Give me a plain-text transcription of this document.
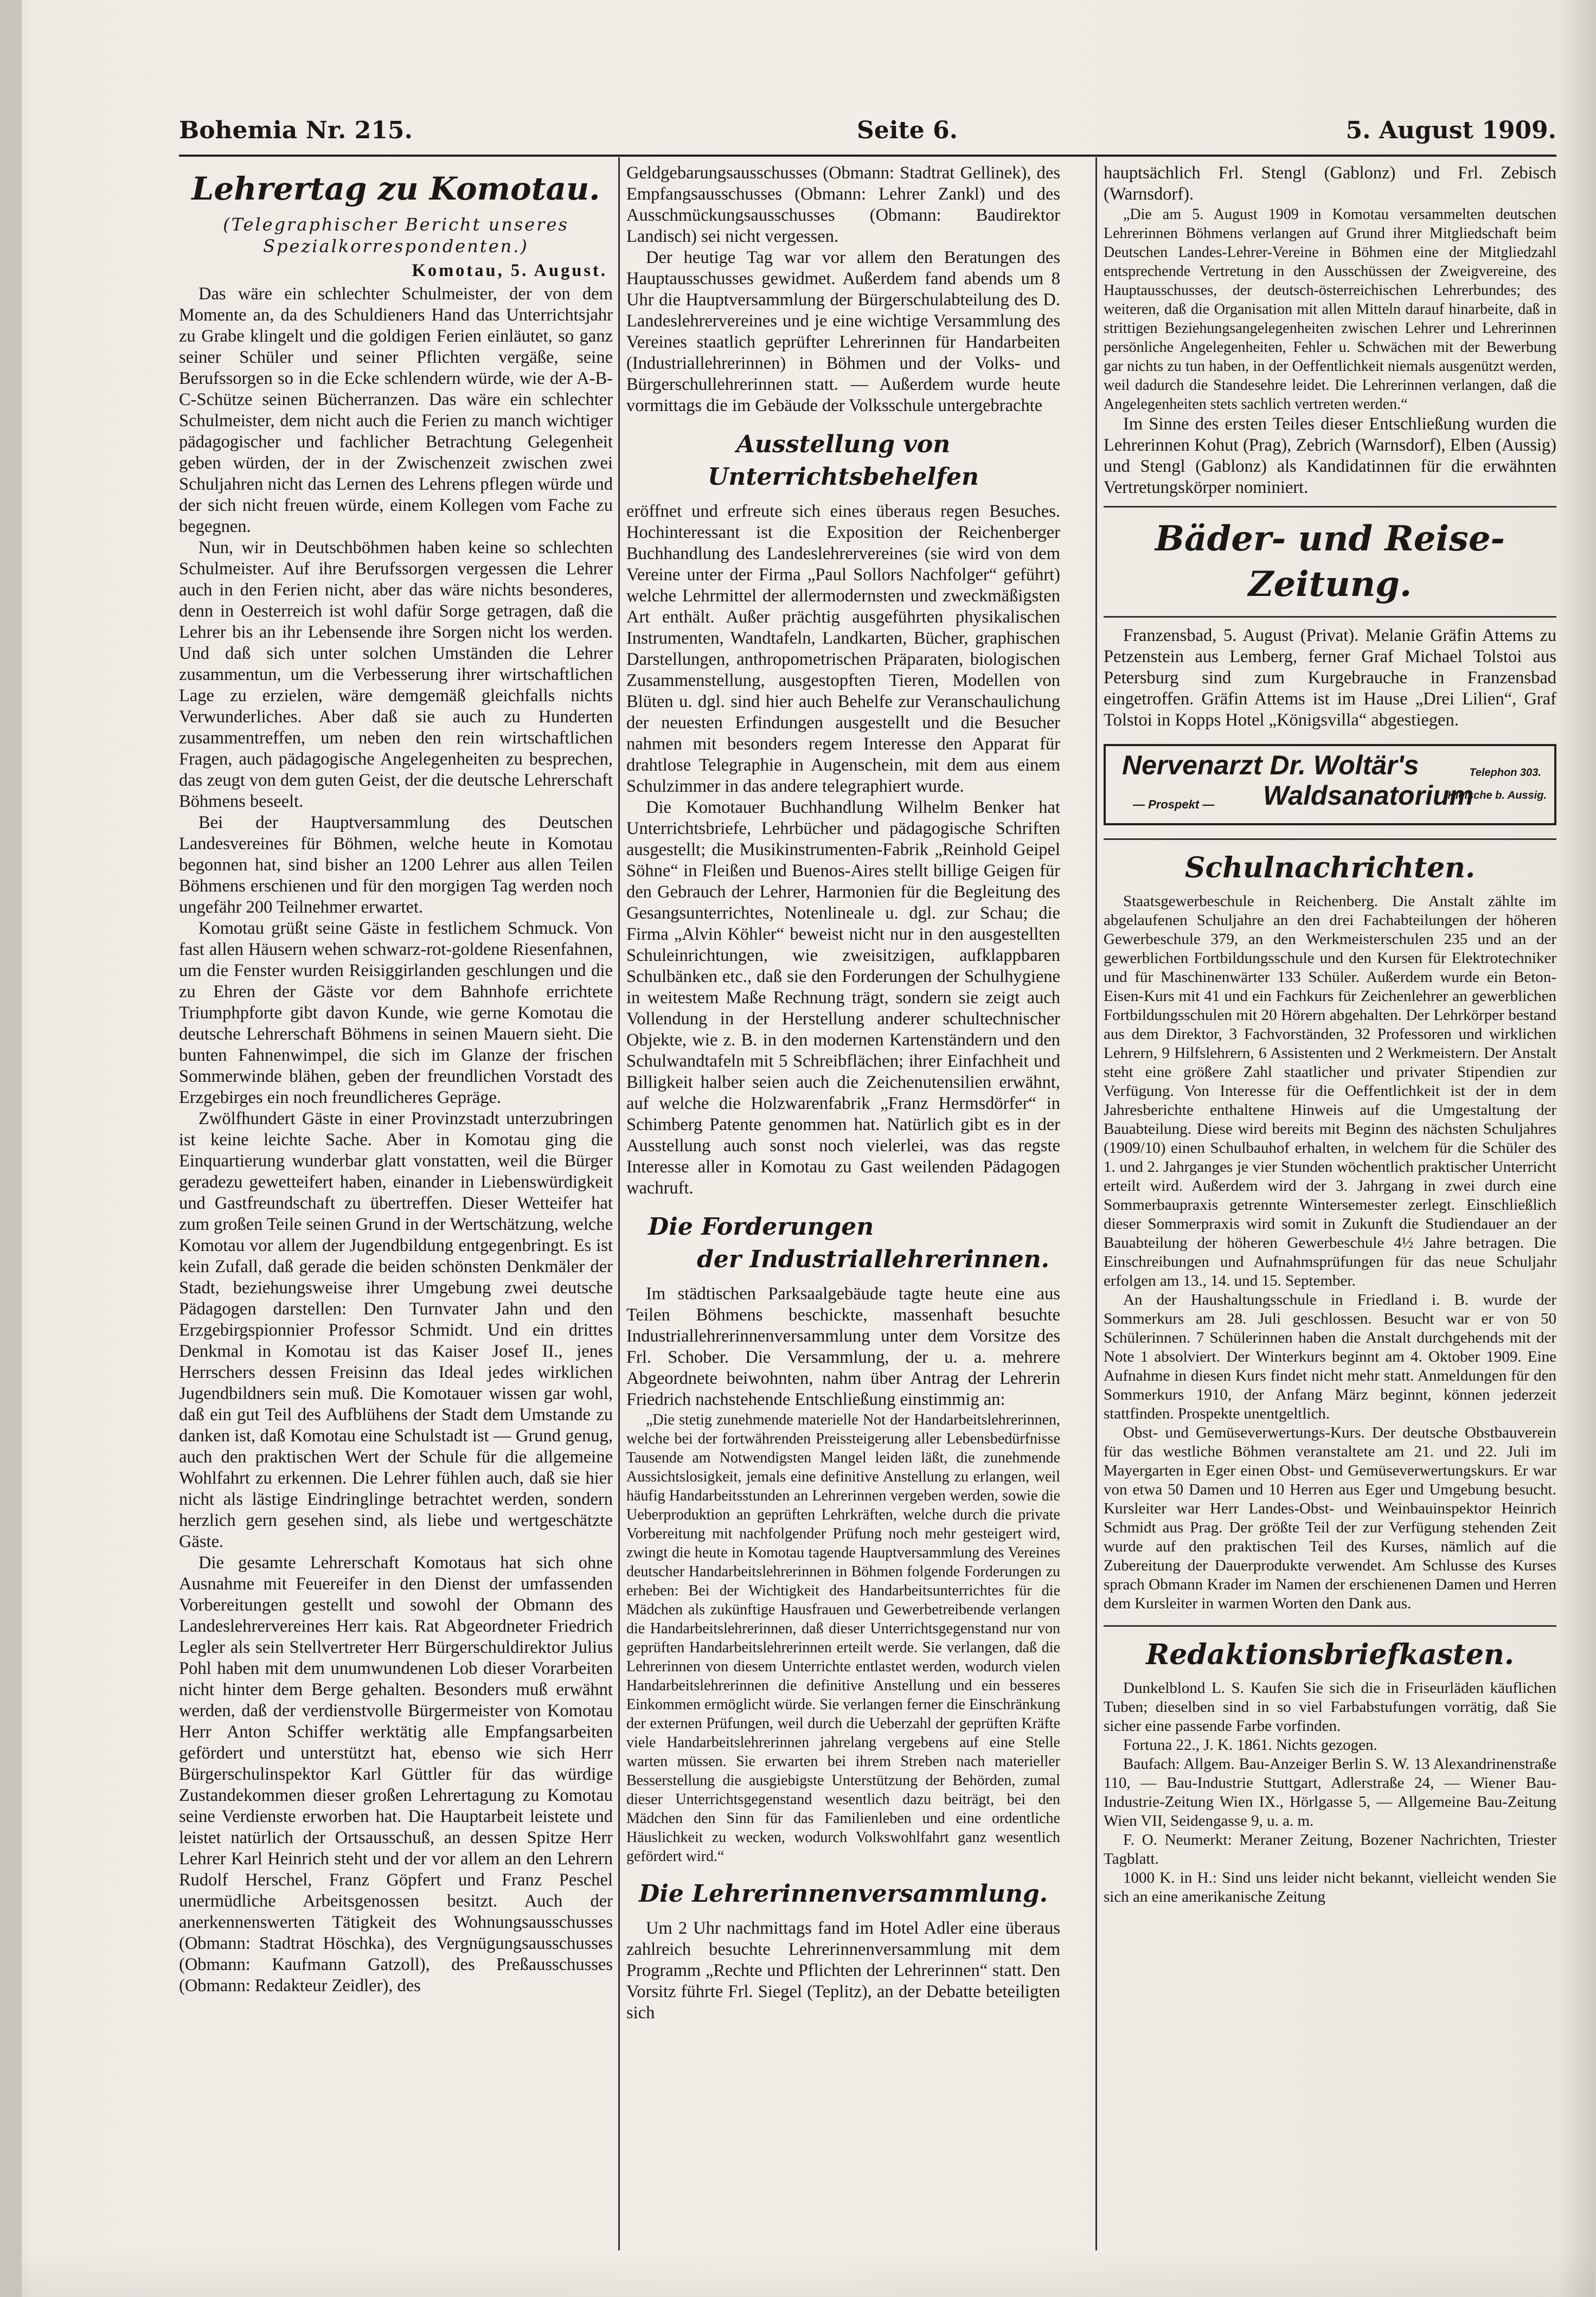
Bohemia Nr. 215.	Seite 6.	5. August 1909.
Lehrertag zu Komotau.
(Telegraphischer Bericht unseres Spezialkorrespondenten.)

Komotau, 5. August.

Das wäre ein schlechter Schulmeister, der von dem Momente an, da des Schuldieners Hand das Unterrichtsjahr zu Grabe klingelt und die goldigen Ferien einläutet, so ganz seiner Schüler und seiner Pflichten vergäße, seine Berufssorgen so in die Ecke schlendern würde, wie der A-B-C-Schütze seinen Bücherranzen. Das wäre ein schlechter Schulmeister, dem nicht auch die Ferien zu manch wichtiger pädagogischer und fachlicher Betrachtung Gelegenheit geben würden, der in der Zwischenzeit zwischen zwei Schuljahren nicht das Lernen des Lehrens pflegen würde und der sich nicht freuen würde, einem Kollegen vom Fache zu begegnen.

Nun, wir in Deutschböhmen haben keine so schlechten Schulmeister. Auf ihre Berufssorgen vergessen die Lehrer auch in den Ferien nicht, aber das wäre nichts besonderes, denn in Oesterreich ist wohl dafür Sorge getragen, daß die Lehrer bis an ihr Lebensende ihre Sorgen nicht los werden. Und daß sich unter solchen Umständen die Lehrer zusammentun, um die Verbesserung ihrer wirtschaftlichen Lage zu erzielen, wäre demgemäß gleichfalls nichts Verwunderliches. Aber daß sie auch zu Hunderten zusammentreffen, um neben den rein wirtschaftlichen Fragen, auch pädagogische Angelegenheiten zu besprechen, das zeugt von dem guten Geist, der die deutsche Lehrerschaft Böhmens beseelt.

Bei der Hauptversammlung des Deutschen Landesvereines für Böhmen, welche heute in Komotau begonnen hat, sind bisher an 1200 Lehrer aus allen Teilen Böhmens erschienen und für den morgigen Tag werden noch ungefähr 200 Teilnehmer erwartet.

Komotau grüßt seine Gäste in festlichem Schmuck. Von fast allen Häusern wehen schwarz-rot-goldene Riesenfahnen, um die Fenster wurden Reisiggirlanden geschlungen und die zu Ehren der Gäste vor dem Bahnhofe errichtete Triumphpforte gibt davon Kunde, wie gerne Komotau die deutsche Lehrerschaft Böhmens in seinen Mauern sieht. Die bunten Fahnenwimpel, die sich im Glanze der frischen Sommerwinde blähen, geben der freundlichen Vorstadt des Erzgebirges ein noch freundlicheres Gepräge.

Zwölfhundert Gäste in einer Provinzstadt unterzubringen ist keine leichte Sache. Aber in Komotau ging die Einquartierung wunderbar glatt vonstatten, weil die Bürger geradezu gewetteifert haben, einander in Liebenswürdigkeit und Gastfreundschaft zu übertreffen. Dieser Wetteifer hat zum großen Teile seinen Grund in der Wertschätzung, welche Komotau vor allem der Jugendbildung entgegenbringt. Es ist kein Zufall, daß gerade die beiden schönsten Denkmäler der Stadt, beziehungsweise ihrer Umgebung zwei deutsche Pädagogen darstellen: Den Turnvater Jahn und den Erzgebirgspionnier Professor Schmidt. Und ein drittes Denkmal in Komotau ist das Kaiser Josef II., jenes Herrschers dessen Freisinn das Ideal jedes wirklichen Jugendbildners sein muß. Die Komotauer wissen gar wohl, daß ein gut Teil des Aufblühens der Stadt dem Umstande zu danken ist, daß Komotau eine Schulstadt ist — Grund genug, auch den praktischen Wert der Schule für die allgemeine Wohlfahrt zu erkennen. Die Lehrer fühlen auch, daß sie hier nicht als lästige Eindringlinge betrachtet werden, sondern herzlich gern gesehen sind, als liebe und wertgeschätzte Gäste.

Die gesamte Lehrerschaft Komotaus hat sich ohne Ausnahme mit Feuereifer in den Dienst der umfassenden Vorbereitungen gestellt und sowohl der Obmann des Landeslehrervereines Herr kais. Rat Abgeordneter Friedrich Legler als sein Stellvertreter Herr Bürgerschuldirektor Julius Pohl haben mit dem unumwundenen Lob dieser Vorarbeiten nicht hinter dem Berge gehalten. Besonders muß erwähnt werden, daß der verdienstvolle Bürgermeister von Komotau Herr Anton Schiffer werktätig alle Empfangsarbeiten gefördert und unterstützt hat, ebenso wie sich Herr Bürgerschulinspektor Karl Güttler für das würdige Zustandekommen dieser großen Lehrertagung zu Komotau seine Verdienste erworben hat. Die Hauptarbeit leistete und leistet natürlich der Ortsausschuß, an dessen Spitze Herr Lehrer Karl Heinrich steht und der vor allem an den Lehrern Rudolf Herschel, Franz Göpfert und Franz Peschel unermüdliche Arbeitsgenossen besitzt. Auch der anerkennenswerten Tätigkeit des Wohnungsausschusses (Obmann: Stadtrat Höschka), des Vergnügungsausschusses (Obmann: Kaufmann Gatzoll), des Preßausschusses (Obmann: Redakteur Zeidler), des

Geldgebarungsausschusses (Obmann: Stadtrat Gellinek), des Empfangsausschusses (Obmann: Lehrer Zankl) und des Ausschmückungsausschusses (Obmann: Baudirektor Landisch) sei nicht vergessen.

Der heutige Tag war vor allem den Beratungen des Hauptausschusses gewidmet. Außerdem fand abends um 8 Uhr die Hauptversammlung der Bürgerschulabteilung des D. Landeslehrervereines und je eine wichtige Versammlung des Vereines staatlich geprüfter Lehrerinnen für Handarbeiten (Industriallehrerinnen) in Böhmen und der Volks- und Bürgerschullehrerinnen statt. — Außerdem wurde heute vormittags die im Gebäude der Volksschule untergebrachte

Ausstellung von Unterrichtsbehelfen

eröffnet und erfreute sich eines überaus regen Besuches. Hochinteressant ist die Exposition der Reichenberger Buchhandlung des Landeslehrervereines (sie wird von dem Vereine unter der Firma „Paul Sollors Nachfolger“ geführt) welche Lehrmittel der allermodernsten und zweckmäßigsten Art enthält. Außer prächtig ausgeführten physikalischen Instrumenten, Wandtafeln, Landkarten, Bücher, graphischen Darstellungen, anthropometrischen Präparaten, biologischen Zusammenstellung, ausgestopften Tieren, Modellen von Blüten u. dgl. sind hier auch Behelfe zur Veranschaulichung der neuesten Erfindungen ausgestellt und die Besucher nahmen mit besonders regem Interesse den Apparat für drahtlose Telegraphie in Augenschein, mit dem aus einem Schulzimmer in das andere telegraphiert wurde.

Die Komotauer Buchhandlung Wilhelm Benker hat Unterrichtsbriefe, Lehrbücher und pädagogische Schriften ausgestellt; die Musikinstrumenten-Fabrik „Reinhold Geipel Söhne“ in Fleißen und Buenos-Aires stellt billige Geigen für den Gebrauch der Lehrer, Harmonien für die Begleitung des Gesangsunterrichtes, Notenlineale u. dgl. zur Schau; die Firma „Alvin Köhler“ beweist nicht nur in den ausgestellten Schuleinrichtungen, wie zweisitzigen, aufklappbaren Schulbänken etc., daß sie den Forderungen der Schulhygiene in weitestem Maße Rechnung trägt, sondern sie zeigt auch Vollendung in der Herstellung anderer schultechnischer Objekte, wie z. B. in den modernen Kartenständern und den Schulwandtafeln mit 5 Schreibflächen; ihrer Einfachheit und Billigkeit halber seien auch die Zeichenutensilien erwähnt, auf welche die Holzwarenfabrik „Franz Hermsdörfer“ in Schimberg Patente genommen hat. Natürlich gibt es in der Ausstellung auch sonst noch vielerlei, was das regste Interesse aller in Komotau zu Gast weilenden Pädagogen wachruft.

Die Forderungen
der Industriallehrerinnen.

Im städtischen Parksaalgebäude tagte heute eine aus Teilen Böhmens beschickte, massenhaft besuchte Industriallehrerinnenversammlung unter dem Vorsitze des Frl. Schober. Die Versammlung, der u. a. mehrere Abgeordnete beiwohnten, nahm über Antrag der Lehrerin Friedrich nachstehende Entschließung einstimmig an:

„Die stetig zunehmende materielle Not der Handarbeitslehrerinnen, welche bei der fortwährenden Preissteigerung aller Lebensbedürfnisse Tausende am Notwendigsten Mangel leiden läßt, die zunehmende Aussichtslosigkeit, jemals eine definitive Anstellung zu erlangen, weil häufig Handarbeitsstunden an Lehrerinnen vergeben werden, sowie die Ueberproduktion an geprüften Lehrkräften, welche durch die private Vorbereitung mit nachfolgender Prüfung noch mehr gesteigert wird, zwingt die heute in Komotau tagende Hauptversammlung des Vereines deutscher Handarbeitslehrerinnen in Böhmen folgende Forderungen zu erheben: Bei der Wichtigkeit des Handarbeitsunterrichtes für die Mädchen als zukünftige Hausfrauen und Gewerbetreibende verlangen die Handarbeitslehrerinnen, daß dieser Unterrichtsgegenstand nur von geprüften Handarbeitslehrerinnen erteilt werde. Sie verlangen, daß die Lehrerinnen von diesem Unterrichte entlastet werden, wodurch vielen Handarbeitslehrerinnen die definitive Anstellung und ein besseres Einkommen ermöglicht würde. Sie verlangen ferner die Einschränkung der externen Prüfungen, weil durch die Ueberzahl der geprüften Kräfte viele Handarbeitslehrerinnen jahrelang vergebens auf eine Stelle warten müssen. Sie erwarten bei ihrem Streben nach materieller Besserstellung die ausgiebigste Unterstützung der Behörden, zumal dieser Unterrichtsgegenstand wesentlich dazu beiträgt, bei den Mädchen den Sinn für das Familienleben und eine ordentliche Häuslichkeit zu wecken, wodurch Volkswohlfahrt ganz wesentlich gefördert wird.“

Die Lehrerinnenversammlung.

Um 2 Uhr nachmittags fand im Hotel Adler eine überaus zahlreich besuchte Lehrerinnenversammlung mit dem Programm „Rechte und Pflichten der Lehrerinnen“ statt. Den Vorsitz führte Frl. Siegel (Teplitz), an der Debatte beteiligten sich

hauptsächlich Frl. Stengl (Gablonz) und Frl. Zebisch (Warnsdorf).

„Die am 5. August 1909 in Komotau versammelten deutschen Lehrerinnen Böhmens verlangen auf Grund ihrer Mitgliedschaft beim Deutschen Landes-Lehrer-Vereine in Böhmen eine der Mitgliedzahl entsprechende Vertretung in den Ausschüssen der Zweigvereine, des Hauptausschusses, der deutsch-österreichischen Lehrerbundes; des weiteren, daß die Organisation mit allen Mitteln darauf hinarbeite, daß in strittigen Beziehungsangelegenheiten zwischen Lehrer und Lehrerinnen persönliche Angelegenheiten, Fehler u. Schwächen mit der Bewerbung gar nichts zu tun haben, in der Oeffentlichkeit niemals ausgenützt werden, weil dadurch die Standesehre leidet. Die Lehrerinnen verlangen, daß die Angelegenheiten stets sachlich vertreten werden.“

Im Sinne des ersten Teiles dieser Entschließung wurden die Lehrerinnen Kohut (Prag), Zebrich (Warnsdorf), Elben (Aussig) und Stengl (Gablonz) als Kandidatinnen für die erwähnten Vertretungskörper nominiert.

Bäder- und Reise-Zeitung.

Franzensbad, 5. August (Privat). Melanie Gräfin Attems zu Petzenstein aus Lemberg, ferner Graf Michael Tolstoi aus Petersburg sind zum Kurgebrauche in Franzensbad eingetroffen. Gräfin Attems ist im Hause „Drei Lilien“, Graf Tolstoi in Kopps Hotel „Königsvilla“ abgestiegen.

Nervenarzt Dr. Woltär's	Telephon 303.
— Prospekt — Waldsanatorium
Kleische b. Aussig.
Schulnachrichten.

Staatsgewerbeschule in Reichenberg. Die Anstalt zählte im abgelaufenen Schuljahre an den drei Fachabteilungen der höheren Gewerbeschule 379, an den Werkmeisterschulen 235 und an der gewerblichen Fortbildungsschule und den Kursen für Elektrotechniker und für Maschinenwärter 133 Schüler. Außerdem wurde ein Beton-Eisen-Kurs mit 41 und ein Fachkurs für Zeichenlehrer an gewerblichen Fortbildungsschulen mit 20 Hörern abgehalten. Der Lehrkörper bestand aus dem Direktor, 3 Fachvorständen, 32 Professoren und wirklichen Lehrern, 9 Hilfslehrern, 6 Assistenten und 2 Werkmeistern. Der Anstalt steht eine größere Zahl staatlicher und privater Stipendien zur Verfügung. Von Interesse für die Oeffentlichkeit ist der in dem Jahresberichte enthaltene Hinweis auf die Umgestaltung der Bauabteilung. Diese wird bereits mit Beginn des nächsten Schuljahres (1909/10) einen Schulbauhof erhalten, in welchem für die Schüler des 1. und 2. Jahrganges je vier Stunden wöchentlich praktischer Unterricht erteilt wird. Außerdem wird der 3. Jahrgang in zwei durch eine Sommerbaupraxis getrennte Wintersemester zerlegt. Einschließlich dieser Sommerpraxis wird somit in Zukunft die Studiendauer an der Bauabteilung der höheren Gewerbeschule 4½ Jahre betragen. Die Einschreibungen und Aufnahmsprüfungen für das neue Schuljahr erfolgen am 13., 14. und 15. September.

An der Haushaltungsschule in Friedland i. B. wurde der Sommerkurs am 28. Juli geschlossen. Besucht war er von 50 Schülerinnen. 7 Schülerinnen haben die Anstalt durchgehends mit der Note 1 absolviert. Der Winterkurs beginnt am 4. Oktober 1909. Eine Aufnahme in diesen Kurs findet nicht mehr statt. Anmeldungen für den Sommerkurs 1910, der Anfang März beginnt, können jederzeit stattfinden. Prospekte unentgeltlich.

Obst- und Gemüseverwertungs-Kurs. Der deutsche Obstbauverein für das westliche Böhmen veranstaltete am 21. und 22. Juli im Mayergarten in Eger einen Obst- und Gemüseverwertungskurs. Er war von etwa 50 Damen und 10 Herren aus Eger und Umgebung besucht. Kursleiter war Herr Landes-Obst- und Weinbauinspektor Heinrich Schmidt aus Prag. Der größte Teil der zur Verfügung stehenden Zeit wurde auf den praktischen Teil des Kurses, nämlich auf die Zubereitung der Dauerprodukte verwendet. Am Schlusse des Kurses sprach Obmann Krader im Namen der erschienenen Damen und Herren dem Kursleiter in warmen Worten den Dank aus.

Redaktionsbriefkasten.

Dunkelblond L. S. Kaufen Sie sich die in Friseurläden käuflichen Tuben; dieselben sind in so viel Farbabstufungen vorrätig, daß Sie sicher eine passende Farbe vorfinden.

Fortuna 22., J. K. 1861. Nichts gezogen.

Baufach: Allgem. Bau-Anzeiger Berlin S. W. 13 Alexandrinenstraße 110, — Bau-Industrie Stuttgart, Adlerstraße 24, — Wiener Bau-Industrie-Zeitung Wien IX., Hörlgasse 5, — Allgemeine Bau-Zeitung Wien VII, Seidengasse 9, u. a. m.

F. O. Neumerkt: Meraner Zeitung, Bozener Nachrichten, Triester Tagblatt.

1000 K. in H.: Sind uns leider nicht bekannt, vielleicht wenden Sie sich an eine amerikanische Zeitung
